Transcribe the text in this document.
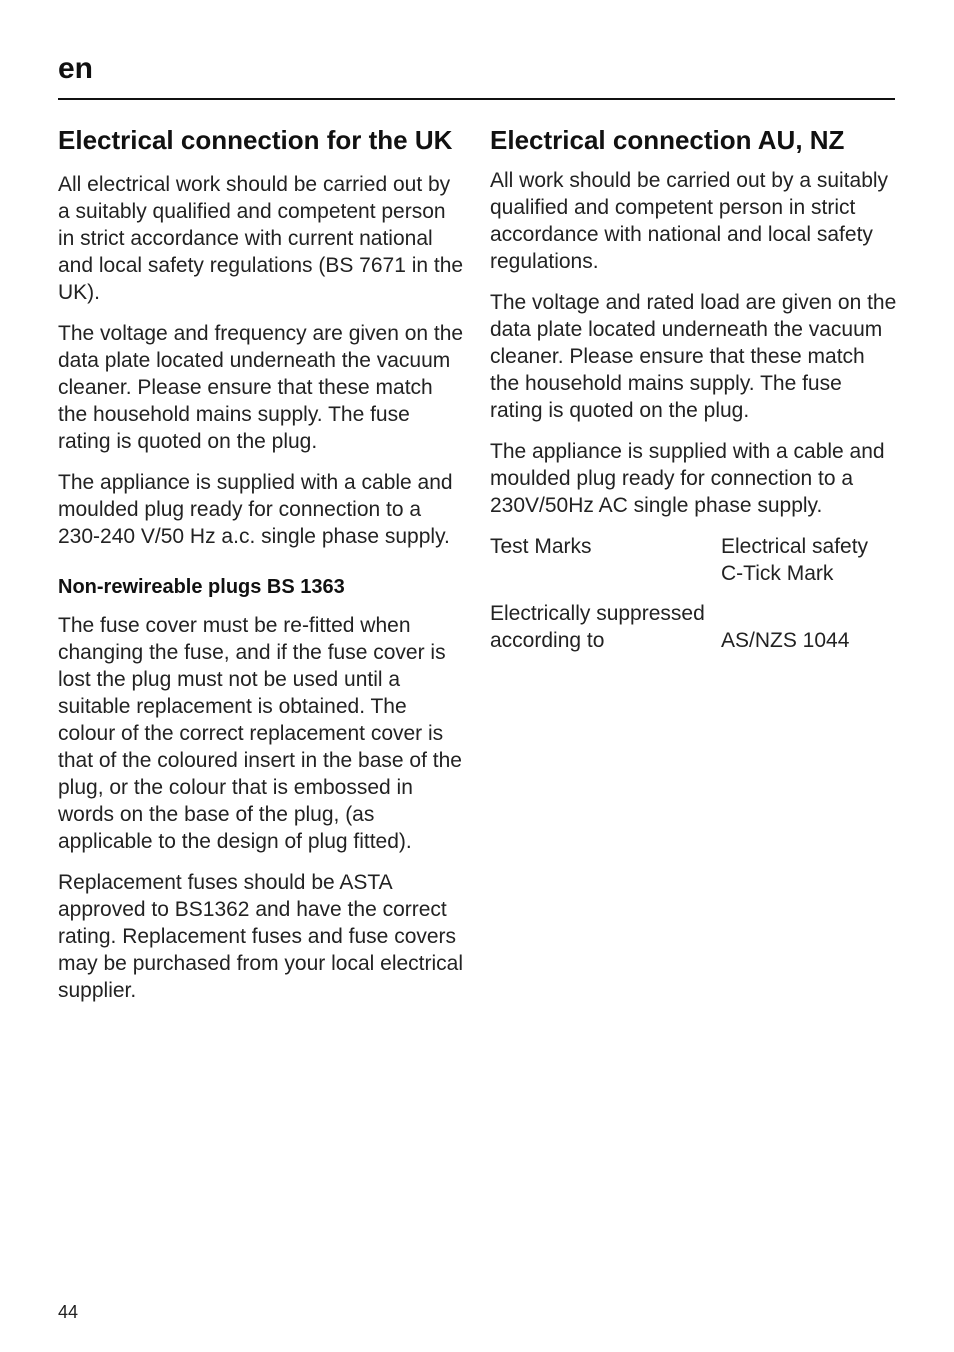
en
Electrical connection for the UK

All electrical work should be carried out by a suitably qualified and competent person in strict accordance with current national and local safety regulations (BS 7671 in the UK).

The voltage and frequency are given on the data plate located underneath the vacuum cleaner. Please ensure that these match the household mains supply. The fuse rating is quoted on the plug.

The appliance is supplied with a cable and moulded plug ready for connection to a 230-240 V/50 Hz a.c. single phase supply.

Non-rewireable plugs BS 1363

The fuse cover must be re-fitted when changing the fuse, and if the fuse cover is lost the plug must not be used until a suitable replacement is obtained. The colour of the correct replacement cover is that of the coloured insert in the base of the plug, or the colour that is embossed in words on the base of the plug, (as applicable to the design of plug fitted).

Replacement fuses should be ASTA approved to BS1362 and have the correct rating. Replacement fuses and fuse covers may be purchased from your local electrical supplier.

Electrical connection AU, NZ

All work should be carried out by a suitably qualified and competent person in strict accordance with national and local safety regulations.

The voltage and rated load are given on the data plate located underneath the vacuum cleaner. Please ensure that these match the household mains supply. The fuse rating is quoted on the plug.

The appliance is supplied with a cable and moulded plug ready for connection to a 230V/50Hz AC single phase supply.

Test Marks	Electrical safety
C-Tick Mark
Electrically suppressed
according to	AS/NZS 1044
44
